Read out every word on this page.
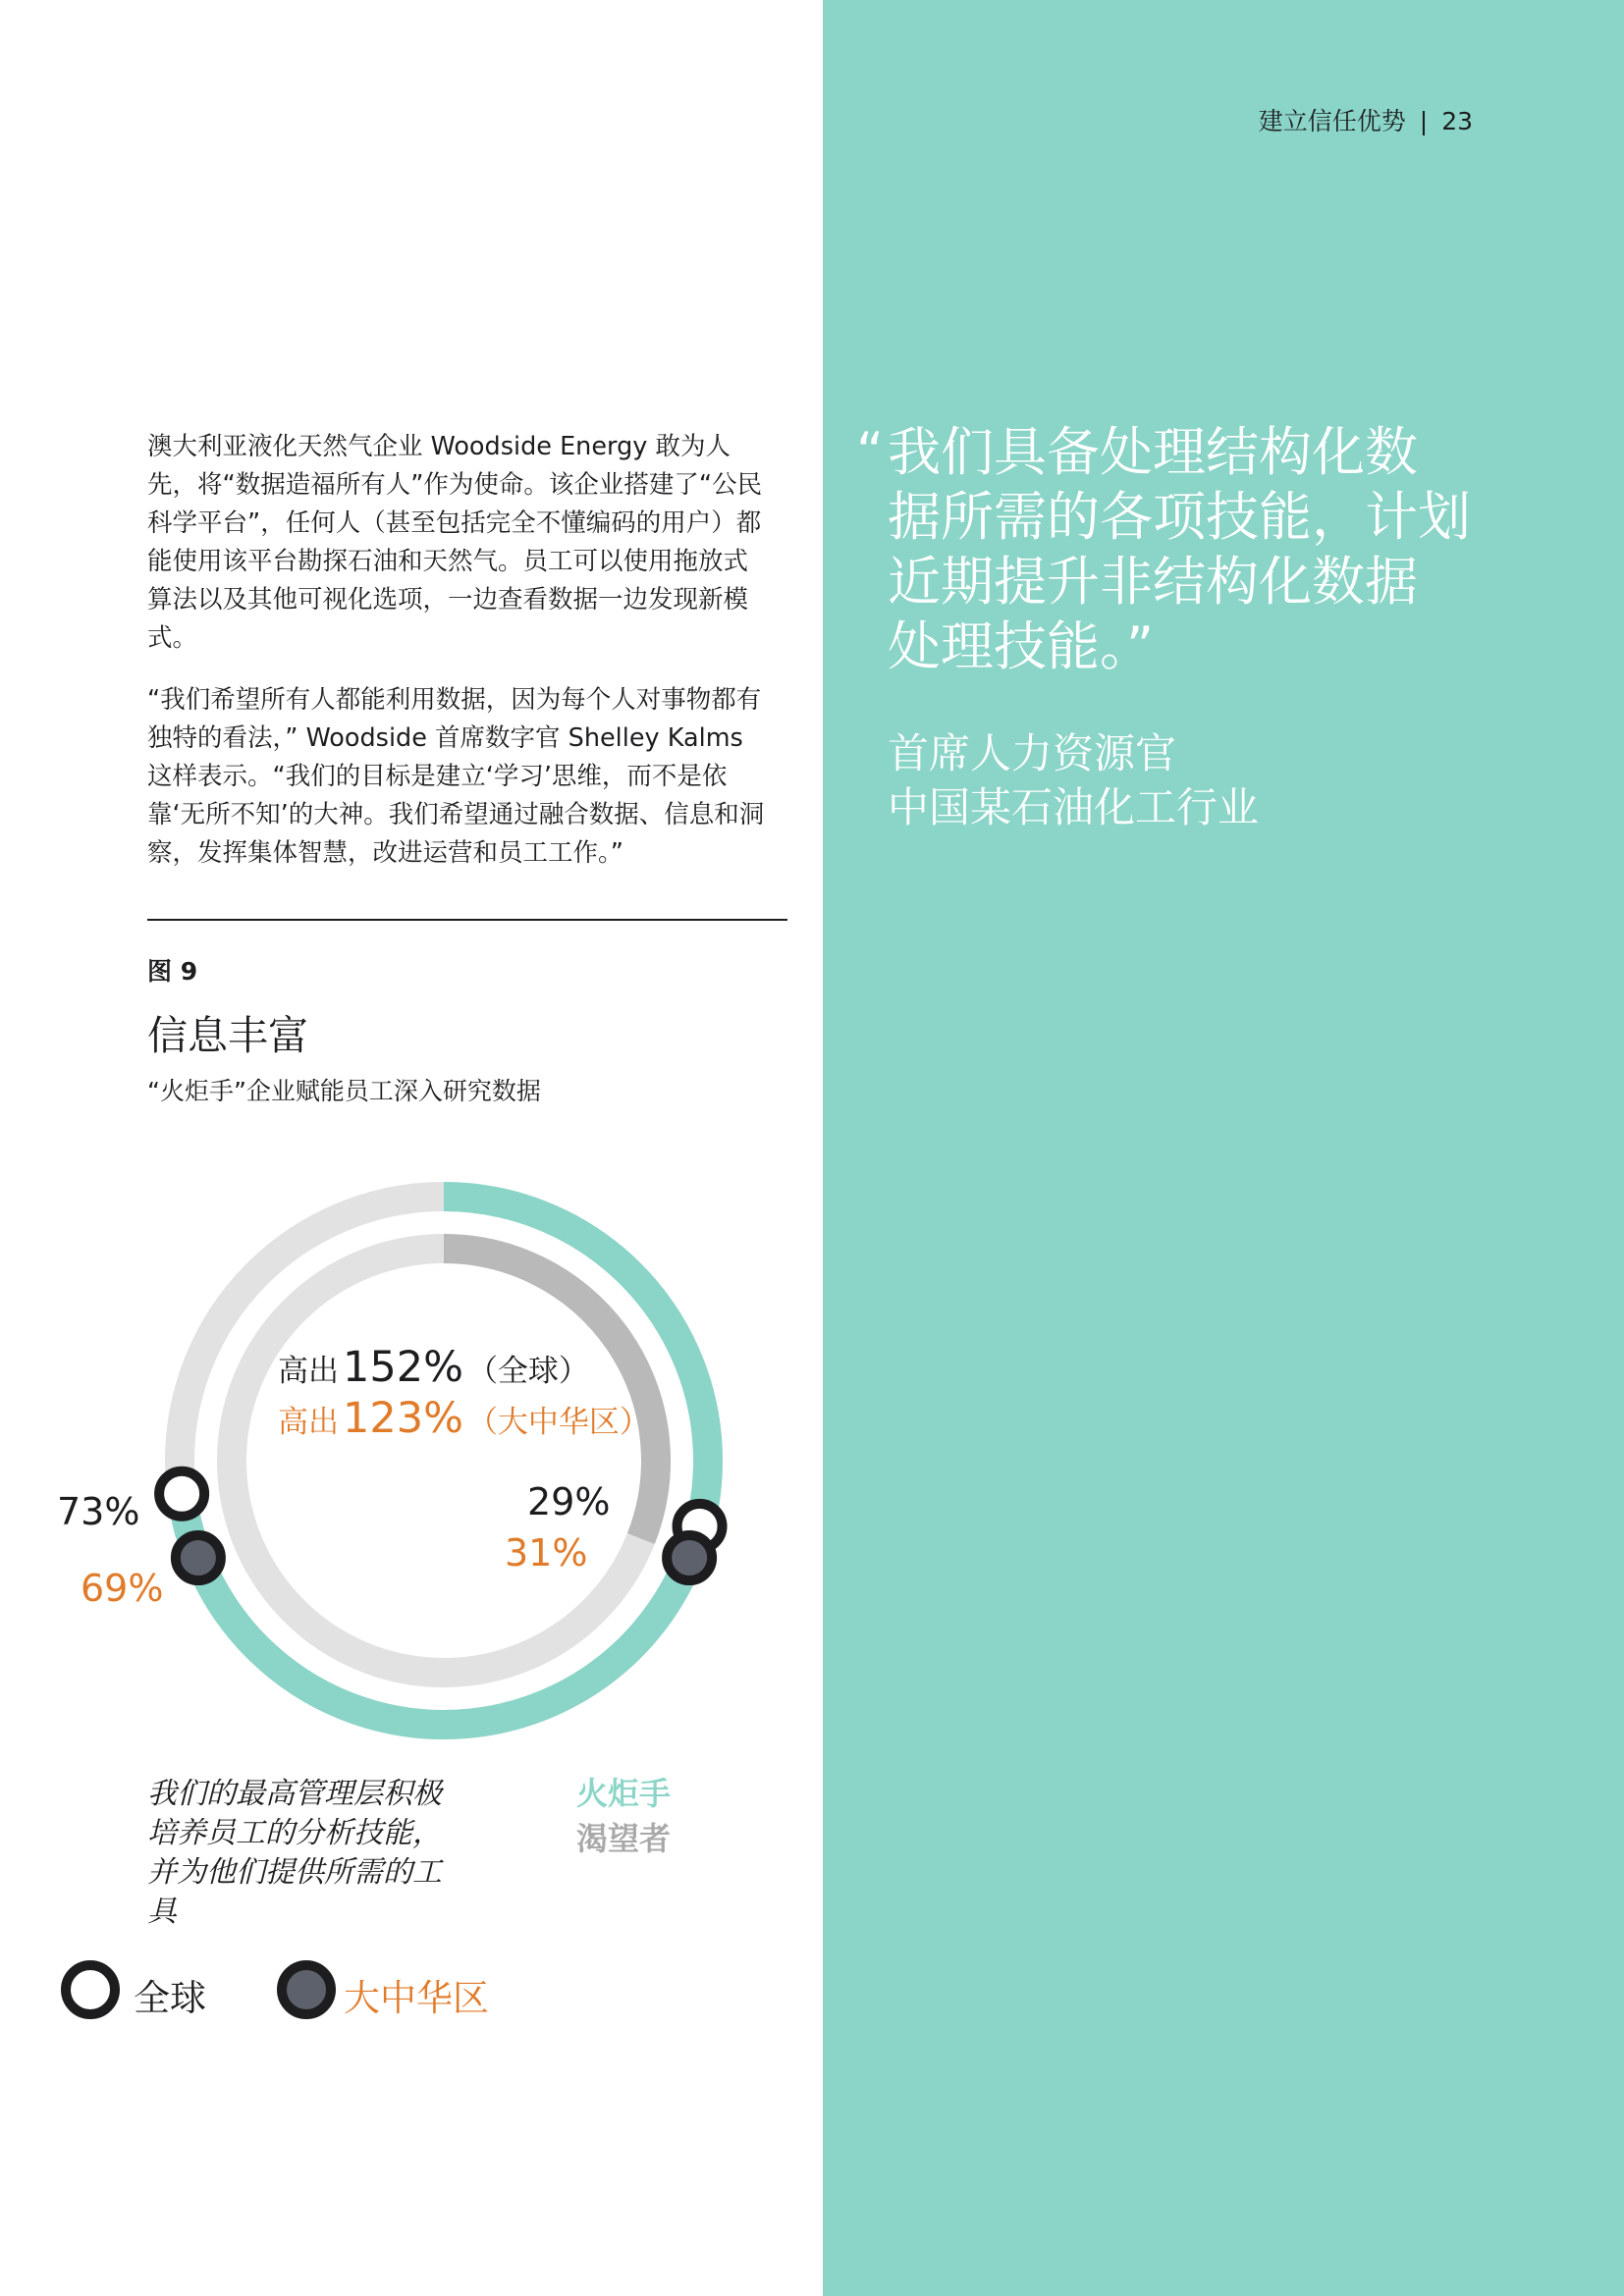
建立信任优势 | 23
澳大利亚液化天然气企业 Woodside Energy 敢为人先，将“数据造福所有人”作为使命。该企业搭建了“公民科学平台”，任何人（甚至包括完全不懂编码的用户）都能使用该平台勘探石油和天然气。员工可以使用拖放式算法以及其他可视化选项，一边查看数据一边发现新模式。
“我们希望所有人都能利用数据，因为每个人对事物都有独特的看法，” Woodside 首席数字官 Shelley Kalms 这样表示。“我们的目标是建立‘学习’思维，而不是依靠‘无所不知’的大神。我们希望通过融合数据、信息和洞察，发挥集体智慧，改进运营和员工工作。”
图 9
信息丰富
“火炬手”企业赋能员工深入研究数据
高出152% （全球）
高出123% （大中华区）
73%
69%
29%
31%
我们的最高管理层积极培养员工的分析技能，并为他们提供所需的工具
火炬手
渴望者
全球	大中华区
“ 我们具备处理结构化数
据所需的各项技能，计划
近期提升非结构化数据
处理技能。”
首席人力资源官
中国某石油化工行业
